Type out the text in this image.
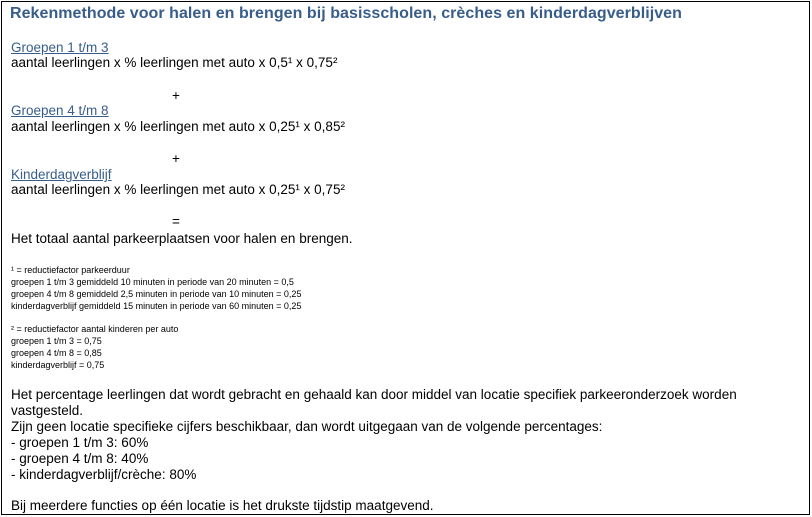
Rekenmethode voor halen en brengen bij basisscholen, crèches en kinderdagverblijven
Groepen 1 t/m 3
aantal leerlingen x % leerlingen met auto x 0,5¹ x 0,75²
+
Groepen 4 t/m 8
aantal leerlingen x % leerlingen met auto x 0,25¹ x 0,85²
+
Kinderdagverblijf
aantal leerlingen x % leerlingen met auto x 0,25¹ x 0,75²
=
Het totaal aantal parkeerplaatsen voor halen en brengen.
¹ = reductiefactor parkeerduur
groepen 1 t/m 3 gemiddeld 10 minuten in periode van 20 minuten = 0,5
groepen 4 t/m 8 gemiddeld 2,5 minuten in periode van 10 minuten = 0,25
kinderdagverblijf gemiddeld 15 minuten in periode van 60 minuten = 0,25
² = reductiefactor aantal kinderen per auto
groepen 1 t/m 3 = 0,75
groepen 4 t/m 8 = 0,85
kinderdagverblijf = 0,75
Het percentage leerlingen dat wordt gebracht en gehaald kan door middel van locatie specifiek parkeeronderzoek worden
vastgesteld.
Zijn geen locatie specifieke cijfers beschikbaar, dan wordt uitgegaan van de volgende percentages:
- groepen 1 t/m 3: 60%
- groepen 4 t/m 8: 40%
- kinderdagverblijf/crèche: 80%
Bij meerdere functies op één locatie is het drukste tijdstip maatgevend.
